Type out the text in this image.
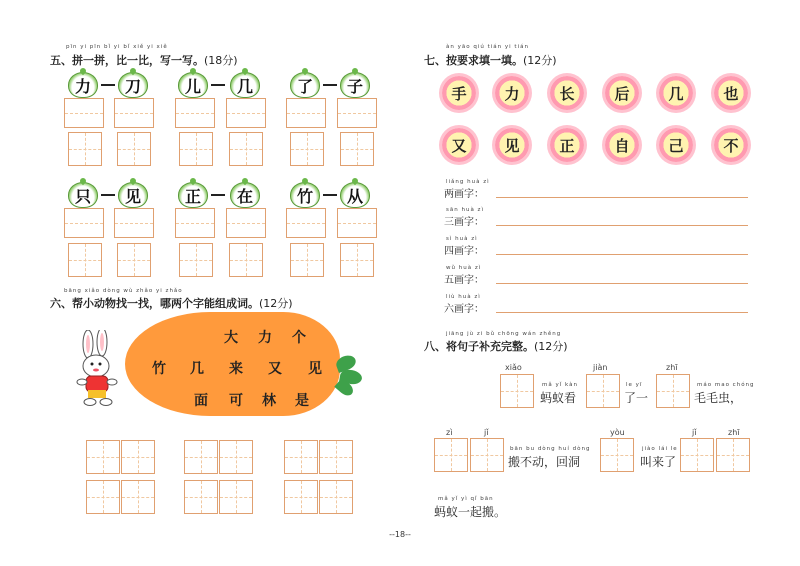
pīn yi pīn bǐ yi bǐ xiě yi xiě
五、拼一拼，比一比，写一写。(18分)
力	刀	儿	几	了	子
只	见	正	在	竹	从
bāng xiǎo dòng wù zhǎo yi zhǎo
六、帮小动物找一找，哪两个字能组成词。(12分)
大 力 个
竹 几 来 又 见
面 可 林 是
àn yāo qiú tián yi tián
七、按要求填一填。(12分)
手	力	长	后	几	也
又	见	正	自	己	不
liǎng huà zì
两画字：
sān huà zì
三画字：
sì huà zì
四画字：
wǔ huà zì
五画字：
liù huà zì
六画字：
jiāng jù zi bǔ chōng wán zhěng
八、将句子补充完整。(12分)
xiǎo
mǎ yǐ kàn
蚂蚁看
jiàn
le yī
了一
zhī
máo mao chóng
毛毛虫，
zì	jǐ
bān bu dòng huí dòng
搬不动，回洞
yòu
jiào lái le
叫来了
jǐ	zhī
mǎ yǐ yì qǐ bān
蚂蚁一起搬。
--18--
